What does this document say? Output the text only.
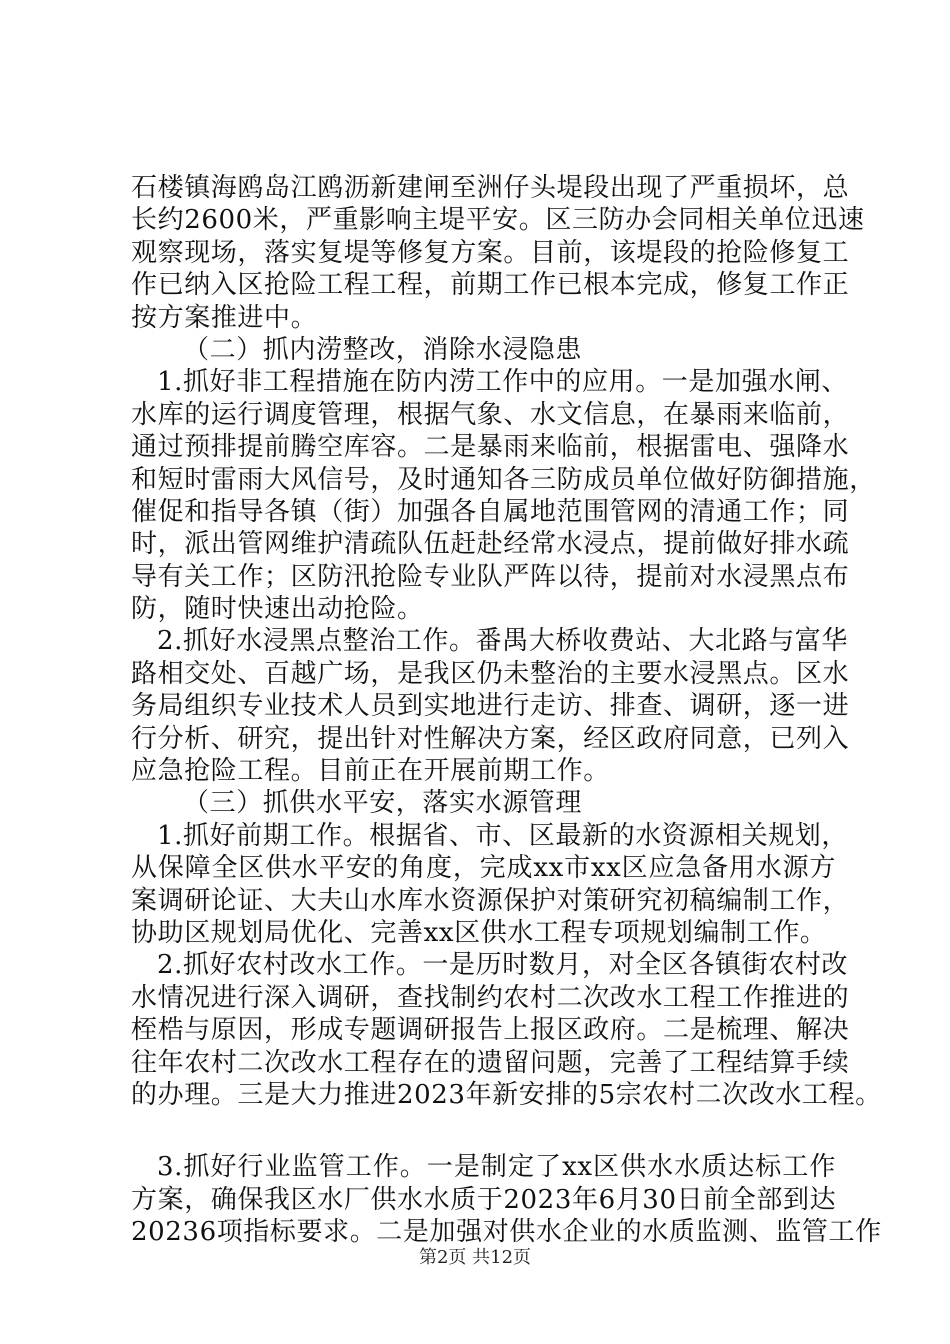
石楼镇海鸥岛江鸥沥新建闸至洲仔头堤段出现了严重损坏，总
长约2600米，严重影响主堤平安。区三防办会同相关单位迅速
观察现场，落实复堤等修复方案。目前，该堤段的抢险修复工
作已纳入区抢险工程工程，前期工作已根本完成，修复工作正
按方案推进中。
（二）抓内涝整改，消除水浸隐患
1.抓好非工程措施在防内涝工作中的应用。一是加强水闸、
水库的运行调度管理，根据气象、水文信息，在暴雨来临前，
通过预排提前腾空库容。二是暴雨来临前，根据雷电、强降水
和短时雷雨大风信号，及时通知各三防成员单位做好防御措施，
催促和指导各镇（街）加强各自属地范围管网的清通工作；同
时，派出管网维护清疏队伍赶赴经常水浸点，提前做好排水疏
导有关工作；区防汛抢险专业队严阵以待，提前对水浸黑点布
防，随时快速出动抢险。
2.抓好水浸黑点整治工作。番禺大桥收费站、大北路与富华
路相交处、百越广场，是我区仍未整治的主要水浸黑点。区水
务局组织专业技术人员到实地进行走访、排查、调研，逐一进
行分析、研究，提出针对性解决方案，经区政府同意，已列入
应急抢险工程。目前正在开展前期工作。
（三）抓供水平安，落实水源管理
1.抓好前期工作。根据省、市、区最新的水资源相关规划，
从保障全区供水平安的角度，完成xx市xx区应急备用水源方
案调研论证、大夫山水库水资源保护对策研究初稿编制工作，
协助区规划局优化、完善xx区供水工程专项规划编制工作。
2.抓好农村改水工作。一是历时数月，对全区各镇街农村改
水情况进行深入调研，查找制约农村二次改水工程工作推进的
桎梏与原因，形成专题调研报告上报区政府。二是梳理、解决
往年农村二次改水工程存在的遗留问题，完善了工程结算手续
的办理。三是大力推进2023年新安排的5宗农村二次改水工程。
3.抓好行业监管工作。一是制定了xx区供水水质达标工作
方案，确保我区水厂供水水质于2023年6月30日前全部到达
20236项指标要求。二是加强对供水企业的水质监测、监管工作
第2页 共12页
